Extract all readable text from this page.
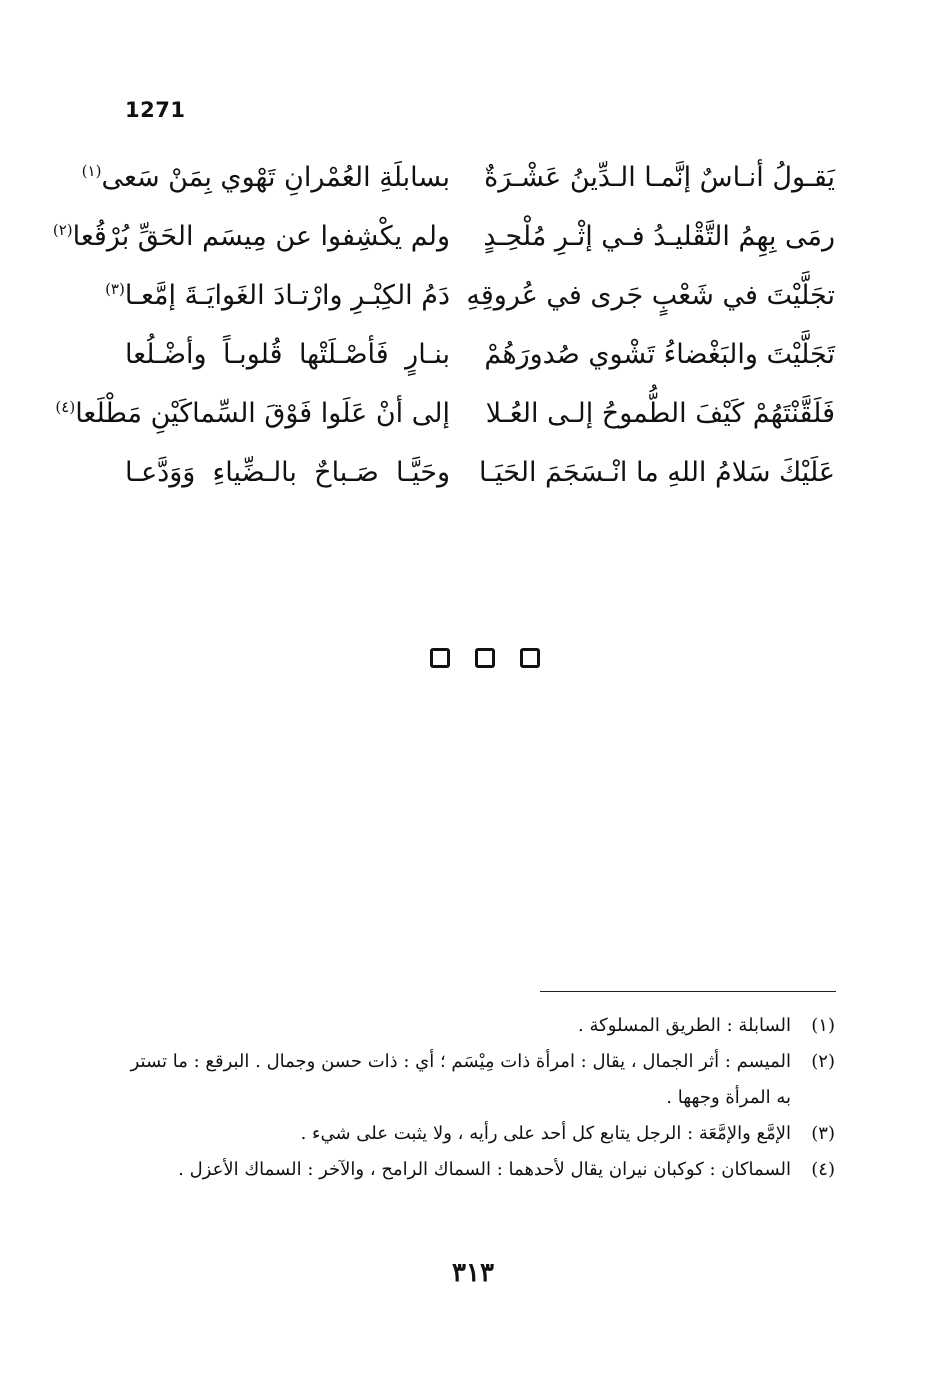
1271
يَقـولُ أنـاسٌ إنَّمـا الـدِّينُ عَشْـرَةٌ
بسابلَةِ العُمْرانِ تَهْوي بِمَنْ سَعى$^{(١)}$
رمَى بِهِمُ التَّقْليـدُ فـي إثْـرِ مُلْحِـدٍ
ولم يكْشِفوا عن مِيسَم الحَقِّ بُرْقُعا$^{(٢)}$
تجَلَّيْتَ في شَعْبٍ جَرى في عُروقِهِ
دَمُ الكِبْـرِ وارْتـادَ الغَوايَـةَ إمَّعـا$^{(٣)}$
تَجَلَّيْتَ والبَغْضاءُ تَشْوي صُدورَهُمْ
بنـارٍ فَأصْـلَتْها قُلوبـاً وأضْـلُعا
فَلَقَّنْتَهُمْ كَيْفَ الطُّموحُ إلـى العُـلا
إلى أنْ عَلَوا فَوْقَ السِّماكَيْنِ مَطْلَعا$^{(٤)}$
عَلَيْكَ سَلامُ اللهِ ما انْـسَجَمَ الحَيَـا
وحَيَّـا صَـباحٌ بالـضِّياءِ وَوَدَّعـا
(١)
السابلة : الطريق المسلوكة .
(٢)
الميسم : أثر الجمال ، يقال : امرأة ذات مِيْسَم ؛ أي : ذات حسن وجمال . البرقع : ما تستر به المرأة وجهها .
(٣)
الإمَّع والإمَّعَة : الرجل يتابع كل أحد على رأيه ، ولا يثبت على شيء .
(٤)
السماكان : كوكبان نيران يقال لأحدهما : السماك الرامح ، والآخر : السماك الأعزل .
٣١٣
